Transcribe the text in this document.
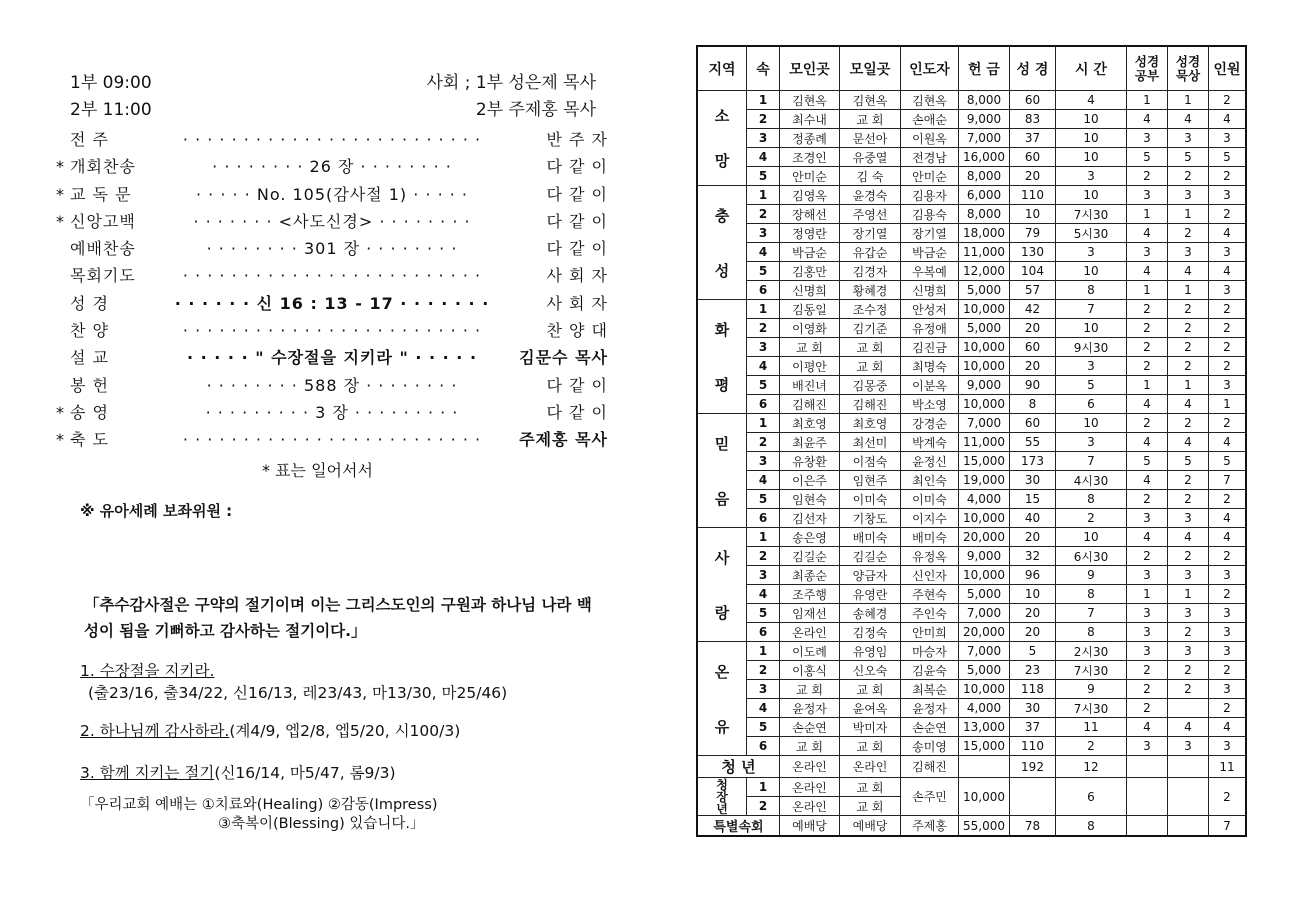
1부 09:00
2부 11:00
사회 ; 1부 성은제 목사
2부 주제홍 목사
전 주	· · · · · · · · · · · · · · · · · · · · · · · · ·	반 주 자
* 개회찬송	· · · · · · · · 26 장 · · · · · · · ·	다 같 이
* 교 독 문	· · · · · No. 105(감사절 1) · · · · ·	다 같 이
* 신앙고백	· · · · · · · <사도신경> · · · · · · · ·	다 같 이
예배찬송	· · · · · · · · 301 장 · · · · · · · ·	다 같 이
목회기도	· · · · · · · · · · · · · · · · · · · · · · · · ·	사 회 자
성 경	· · · · · · 신 16 : 13 - 17 · · · · · · ·	사 회 자
찬 양	· · · · · · · · · · · · · · · · · · · · · · · · ·	찬 양 대
설 교	· · · · · " 수장절을 지키라 " · · · · ·	김문수 목사
봉 헌	· · · · · · · · 588 장 · · · · · · · ·	다 같 이
* 송 영	· · · · · · · · · 3 장 · · · · · · · · ·	다 같 이
* 축 도	· · · · · · · · · · · · · · · · · · · · · · · · ·	주제홍 목사
* 표는 일어서서
※ 유아세례 보좌위원 :
「추수감사절은 구약의 절기이며 이는 그리스도인의 구원과 하나님 나라 백성이 됨을 기뻐하고 감사하는 절기이다.」
1. 수장절을 지키라.
(출23/16, 출34/22, 신16/13, 레23/43, 마13/30, 마25/46)
2. 하나님께 감사하라.(계4/9, 엡2/8, 엡5/20, 시100/3)
3. 함께 지키는 절기(신16/14, 마5/47, 롬9/3)
「우리교회 예배는 ①치료와(Healing) ②감동(Impress)
③축복이(Blessing) 있습니다.」
지역	속	모인곳	모일곳	인도자	헌 금	성 경	시 간	성경 공부	성경 묵상	인원

소
망	1	김현옥	김현옥	김현옥	8,000	60	4	1	1	2
	2	최수내	교 회	손애순	9,000	83	10	4	4	4
	3	정종례	문선아	이원옥	7,000	37	10	3	3	3
	4	조경인	유중열	전경남	16,000	60	10	5	5	5
	5	안미순	김 숙	안미순	8,000	20	3	2	2	2

충
성	1	김영옥	윤경숙	김용자	6,000	110	10	3	3	3
	2	장해선	주영선	김용숙	8,000	10	7시30	1	1	2
	3	정영란	장기열	장기열	18,000	79	5시30	4	2	4
	4	박금순	유갑순	박금순	11,000	130	3	3	3	3
	5	김홍만	김경자	우복예	12,000	104	10	4	4	4
	6	신명희	황혜경	신명희	5,000	57	8	1	1	3

화
평	1	김동일	조수정	안성저	10,000	42	7	2	2	2
	2	이영화	김기준	유정애	5,000	20	10	2	2	2
	3	교 회	교 회	김진금	10,000	60	9시30	2	2	2
	4	이평안	교 회	최명숙	10,000	20	3	2	2	2
	5	배진녀	김몽중	이분옥	9,000	90	5	1	1	3
	6	김해진	김해진	박소영	10,000	8	6	4	4	1

믿
음	1	최호영	최호영	강경순	7,000	60	10	2	2	2
	2	최윤주	최선미	박계숙	11,000	55	3	4	4	4
	3	유창환	이점숙	윤정신	15,000	173	7	5	5	5
	4	이은주	임현주	최인숙	19,000	30	4시30	4	2	7
	5	임현숙	이미숙	이미숙	4,000	15	8	2	2	2
	6	김선자	기창도	이지수	10,000	40	2	3	3	4

사
랑	1	송은영	배미숙	배미숙	20,000	20	10	4	4	4
	2	김길순	김길순	유정옥	9,000	32	6시30	2	2	2
	3	최종순	양금자	신인자	10,000	96	9	3	3	3
	4	조주행	유영란	주현숙	5,000	10	8	1	1	2
	5	임재선	송혜경	주인숙	7,000	20	7	3	3	3
	6	온라인	김정숙	안미희	20,000	20	8	3	2	3

온
유	1	이도례	유영임	마승자	7,000	5	2시30	3	3	3
	2	이홍식	신오숙	김윤숙	5,000	23	7시30	2	2	2
	3	교 회	교 회	최복순	10,000	118	9	2	2	3
	4	윤정자	윤여옥	윤정자	4,000	30	7시30	2		2
	5	손순연	박미자	손순연	13,000	37	11	4	4	4
	6	교 회	교 회	송미영	15,000	110	2	3	3	3
청 년		온라인	온라인	김해진		192	12			11

청
장
년	1	온라인	교 회	손주민	10,000		6			2
	2	온라인	교 회							
특별속회		예배당	예배당	주제홍	55,000	78	8			7
